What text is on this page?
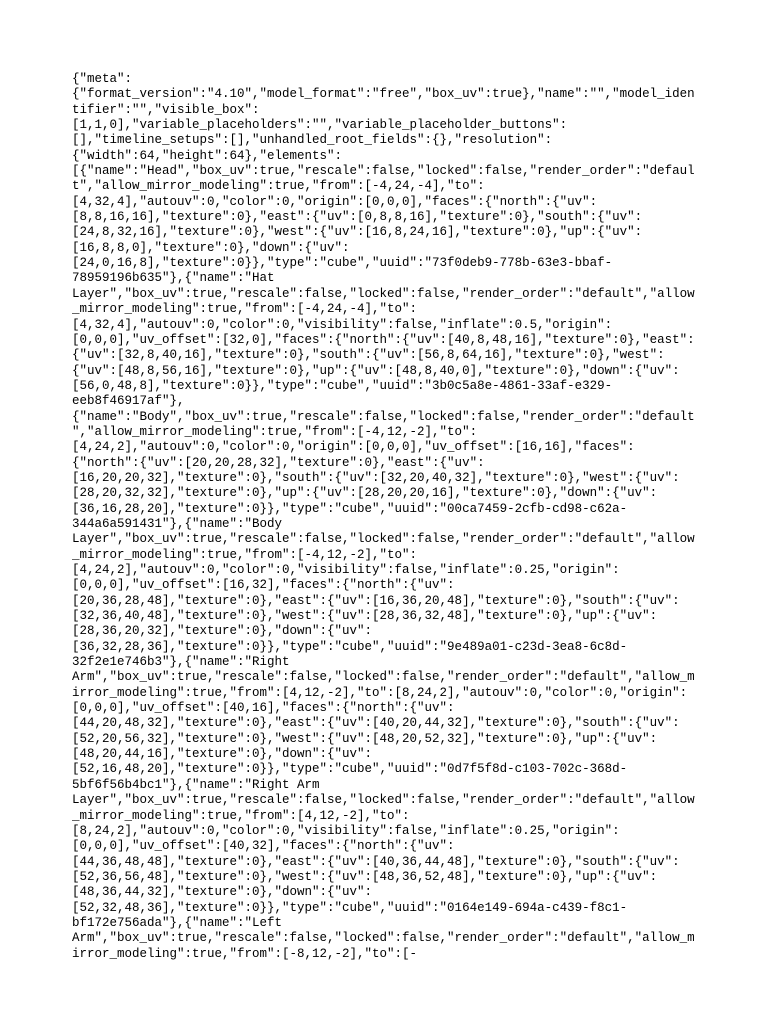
{"meta":
{"format_version":"4.10","model_format":"free","box_uv":true},"name":"","model_iden
tifier":"","visible_box":
[1,1,0],"variable_placeholders":"","variable_placeholder_buttons":
[],"timeline_setups":[],"unhandled_root_fields":{},"resolution":
{"width":64,"height":64},"elements":
[{"name":"Head","box_uv":true,"rescale":false,"locked":false,"render_order":"defaul
t","allow_mirror_modeling":true,"from":[-4,24,-4],"to":
[4,32,4],"autouv":0,"color":0,"origin":[0,0,0],"faces":{"north":{"uv":
[8,8,16,16],"texture":0},"east":{"uv":[0,8,8,16],"texture":0},"south":{"uv":
[24,8,32,16],"texture":0},"west":{"uv":[16,8,24,16],"texture":0},"up":{"uv":
[16,8,8,0],"texture":0},"down":{"uv":
[24,0,16,8],"texture":0}},"type":"cube","uuid":"73f0deb9-778b-63e3-bbaf-
78959196b635"},{"name":"Hat
Layer","box_uv":true,"rescale":false,"locked":false,"render_order":"default","allow
_mirror_modeling":true,"from":[-4,24,-4],"to":
[4,32,4],"autouv":0,"color":0,"visibility":false,"inflate":0.5,"origin":
[0,0,0],"uv_offset":[32,0],"faces":{"north":{"uv":[40,8,48,16],"texture":0},"east":
{"uv":[32,8,40,16],"texture":0},"south":{"uv":[56,8,64,16],"texture":0},"west":
{"uv":[48,8,56,16],"texture":0},"up":{"uv":[48,8,40,0],"texture":0},"down":{"uv":
[56,0,48,8],"texture":0}},"type":"cube","uuid":"3b0c5a8e-4861-33af-e329-
eeb8f46917af"},
{"name":"Body","box_uv":true,"rescale":false,"locked":false,"render_order":"default
","allow_mirror_modeling":true,"from":[-4,12,-2],"to":
[4,24,2],"autouv":0,"color":0,"origin":[0,0,0],"uv_offset":[16,16],"faces":
{"north":{"uv":[20,20,28,32],"texture":0},"east":{"uv":
[16,20,20,32],"texture":0},"south":{"uv":[32,20,40,32],"texture":0},"west":{"uv":
[28,20,32,32],"texture":0},"up":{"uv":[28,20,20,16],"texture":0},"down":{"uv":
[36,16,28,20],"texture":0}},"type":"cube","uuid":"00ca7459-2cfb-cd98-c62a-
344a6a591431"},{"name":"Body
Layer","box_uv":true,"rescale":false,"locked":false,"render_order":"default","allow
_mirror_modeling":true,"from":[-4,12,-2],"to":
[4,24,2],"autouv":0,"color":0,"visibility":false,"inflate":0.25,"origin":
[0,0,0],"uv_offset":[16,32],"faces":{"north":{"uv":
[20,36,28,48],"texture":0},"east":{"uv":[16,36,20,48],"texture":0},"south":{"uv":
[32,36,40,48],"texture":0},"west":{"uv":[28,36,32,48],"texture":0},"up":{"uv":
[28,36,20,32],"texture":0},"down":{"uv":
[36,32,28,36],"texture":0}},"type":"cube","uuid":"9e489a01-c23d-3ea8-6c8d-
32f2e1e746b3"},{"name":"Right
Arm","box_uv":true,"rescale":false,"locked":false,"render_order":"default","allow_m
irror_modeling":true,"from":[4,12,-2],"to":[8,24,2],"autouv":0,"color":0,"origin":
[0,0,0],"uv_offset":[40,16],"faces":{"north":{"uv":
[44,20,48,32],"texture":0},"east":{"uv":[40,20,44,32],"texture":0},"south":{"uv":
[52,20,56,32],"texture":0},"west":{"uv":[48,20,52,32],"texture":0},"up":{"uv":
[48,20,44,16],"texture":0},"down":{"uv":
[52,16,48,20],"texture":0}},"type":"cube","uuid":"0d7f5f8d-c103-702c-368d-
5bf6f56b4bc1"},{"name":"Right Arm
Layer","box_uv":true,"rescale":false,"locked":false,"render_order":"default","allow
_mirror_modeling":true,"from":[4,12,-2],"to":
[8,24,2],"autouv":0,"color":0,"visibility":false,"inflate":0.25,"origin":
[0,0,0],"uv_offset":[40,32],"faces":{"north":{"uv":
[44,36,48,48],"texture":0},"east":{"uv":[40,36,44,48],"texture":0},"south":{"uv":
[52,36,56,48],"texture":0},"west":{"uv":[48,36,52,48],"texture":0},"up":{"uv":
[48,36,44,32],"texture":0},"down":{"uv":
[52,32,48,36],"texture":0}},"type":"cube","uuid":"0164e149-694a-c439-f8c1-
bf172e756ada"},{"name":"Left
Arm","box_uv":true,"rescale":false,"locked":false,"render_order":"default","allow_m
irror_modeling":true,"from":[-8,12,-2],"to":[-
